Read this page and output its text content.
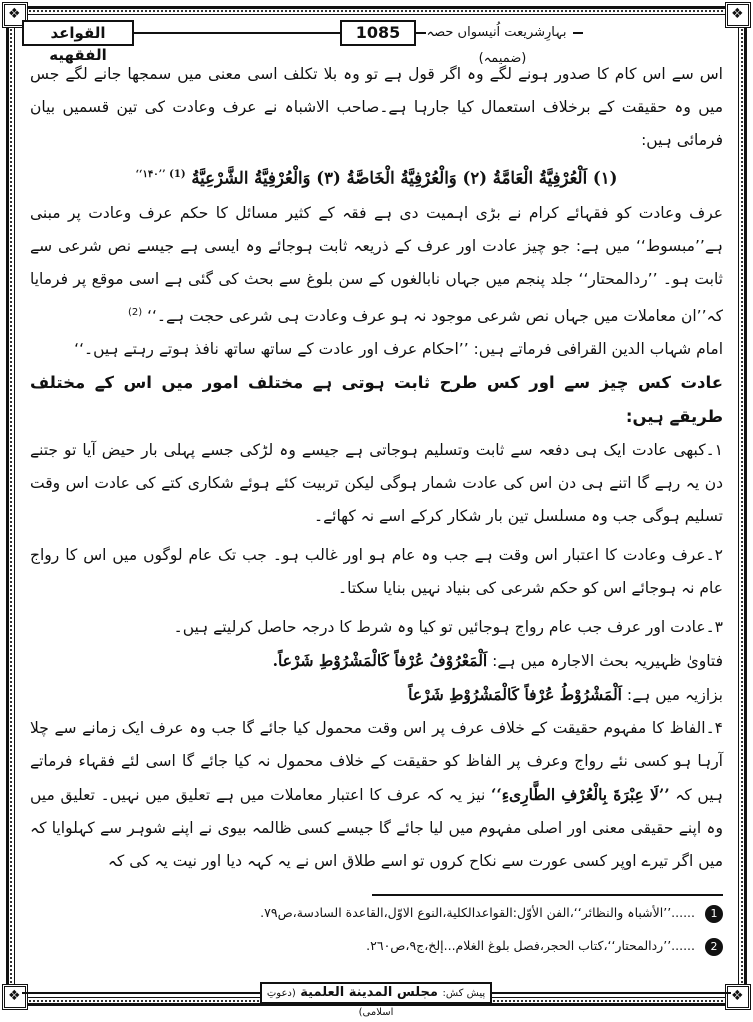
❖
❖
❖
❖
القواعد الفقهیه
1085	بہارِشریعت اُنیسواں حصہ (ضمیمہ)

اس سے اس کام کا صدور ہونے لگے وہ اگر قول ہے تو وہ بلا تکلف اسی معنی میں سمجھا جانے لگے جس میں وہ حقیقت کے برخلاف استعمال کیا جارہا ہے۔صاحب الاشباہ نے عرف وعادت کی تین قسمیں بیان فرمائی ہیں:

(۱) اَلْعُرْفِيَّةُ الْعَامَّةُ (۲) وَالْعُرْفِيَّةُ الْخَاصَّةُ (۳) وَالْعُرْفِيَّةُ الشَّرْعِيَّةُ $^{(1) ’’۱۴۰‘‘}$

عرف وعادت کو فقہائے کرام نے بڑی اہمیت دی ہے فقہ کے کثیر مسائل کا حکم عرف وعادت پر مبنی ہے’’مبسوط‘‘ میں ہے: جو چیز عادت اور عرف کے ذریعہ ثابت ہوجائے وہ ایسی ہے جیسے نص شرعی سے ثابت ہو۔ ’’ردالمحتار‘‘ جلد پنجم میں جہاں نابالغوں کے سن بلوغ سے بحث کی گئی ہے اسی موقع پر فرمایا کہ’’ان معاملات میں جہاں نص شرعی موجود نہ ہو عرف وعادت ہی شرعی حجت ہے۔‘‘ $^{(2)}$

امام شہاب الدین القرافی فرماتے ہیں: ’’احکام عرف اور عادت کے ساتھ ساتھ نافذ ہوتے رہتے ہیں۔‘‘

عادت کس چیز سے اور کس طرح ثابت ہوتی ہے مختلف امور میں اس کے مختلف طریقے ہیں:

۱۔کبھی عادت ایک ہی دفعہ سے ثابت وتسلیم ہوجاتی ہے جیسے وہ لڑکی جسے پہلی بار حیض آیا تو جتنے دن یہ رہے گا اتنے ہی دن اس کی عادت شمار ہوگی لیکن تربیت کئے ہوئے شکاری کتے کی عادت اس وقت تسلیم ہوگی جب وہ مسلسل تین بار شکار کرکے اسے نہ کھائے۔

۲۔عرف وعادت کا اعتبار اس وقت ہے جب وہ عام ہو اور غالب ہو۔ جب تک عام لوگوں میں اس کا رواج عام نہ ہوجائے اس کو حکم شرعی کی بنیاد نہیں بنایا سکتا۔

۳۔عادت اور عرف جب عام رواج ہوجائیں تو کیا وہ شرط کا درجہ حاصل کرلیتے ہیں۔

فتاویٰ ظہیریہ بحث الاجارہ میں ہے: اَلْمَعْرُوْفُ عُرْفاً كَالْمَشْرُوْطِ شَرْعاً.

بزازیہ میں ہے: اَلْمَشْرُوْطُ عُرْفاً كَالْمَشْرُوْطِ شَرْعاً

۴۔الفاظ کا مفہوم حقیقت کے خلاف عرف پر اس وقت محمول کیا جائے گا جب وہ عرف ایک زمانے سے چلا آرہا ہو کسی نئے رواج وعرف پر الفاظ کو حقیقت کے خلاف محمول نہ کیا جائے گا اسی لئے فقہاء فرماتے ہیں کہ ’’لَا عِبْرَةَ بِالْعُرْفِ الطَّارِیءِ‘‘ نیز یہ کہ عرف کا اعتبار معاملات میں ہے تعلیق میں نہیں۔ تعلیق میں وہ اپنے حقیقی معنی اور اصلی مفہوم میں لیا جائے گا جیسے کسی ظالمہ بیوی نے اپنے شوہر سے کہلوایا کہ میں اگر تیرے اوپر کسی عورت سے نکاح کروں تو اسے طلاق اس نے یہ کہہ دیا اور نیت یہ کی کہ

1 ......’’الأشباہ والنظائر‘‘،الفن الأوّل:القواعدالکلیة،النوع الاوّل،القاعدة السادسة،ص٧٩.
2 ......’’ردالمحتار‘‘،کتاب الحجر،فصل بلوغ الغلام...إلخ،ج٩،ص٢٦٠.
پیش کش: مجلس المدینة العلمیة (دعوتِ اسلامی)
